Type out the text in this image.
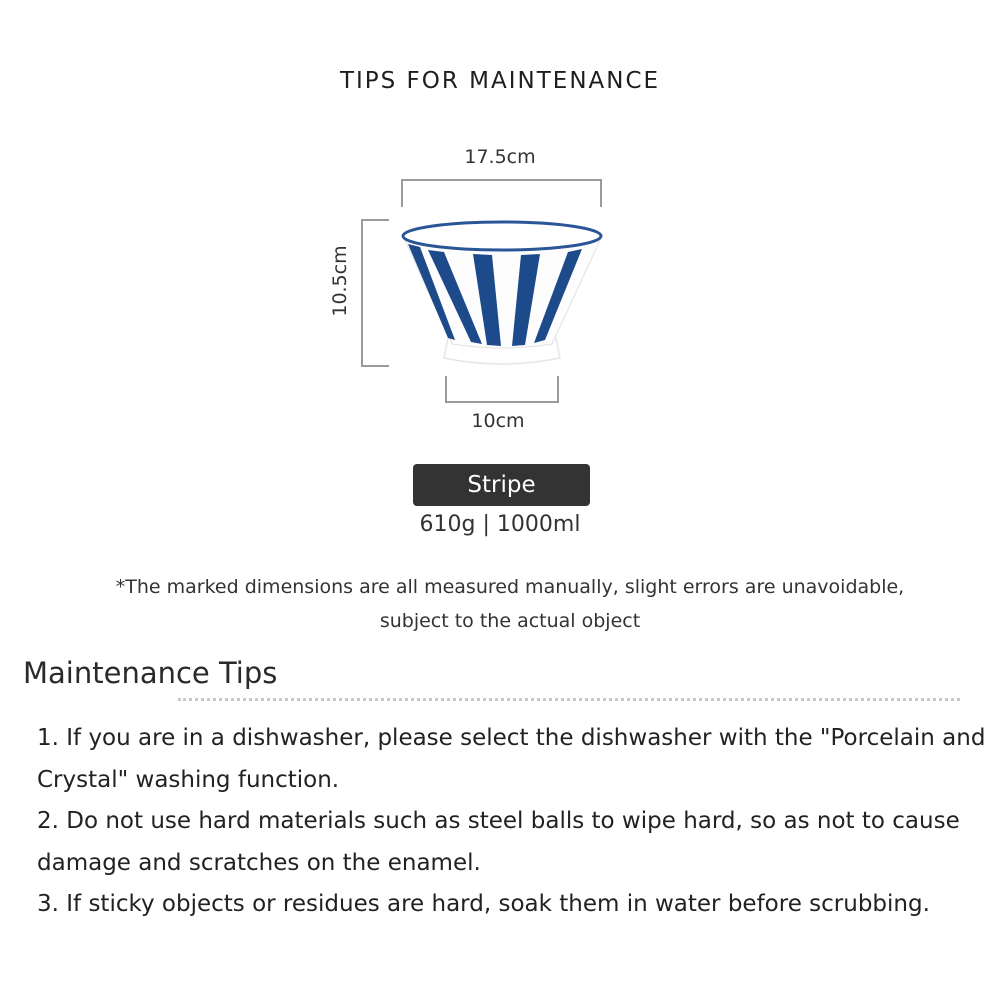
TIPS FOR MAINTENANCE
17.5cm
10.5cm
10cm
Stripe
610g | 1000ml
*The marked dimensions are all measured manually, slight errors are unavoidable,
subject to the actual object
Maintenance Tips
1. If you are in a dishwasher, please select the dishwasher with the "Porcelain and Crystal" washing function.
2. Do not use hard materials such as steel balls to wipe hard, so as not to cause damage and scratches on the enamel.
3. If sticky objects or residues are hard, soak them in water before scrubbing.
